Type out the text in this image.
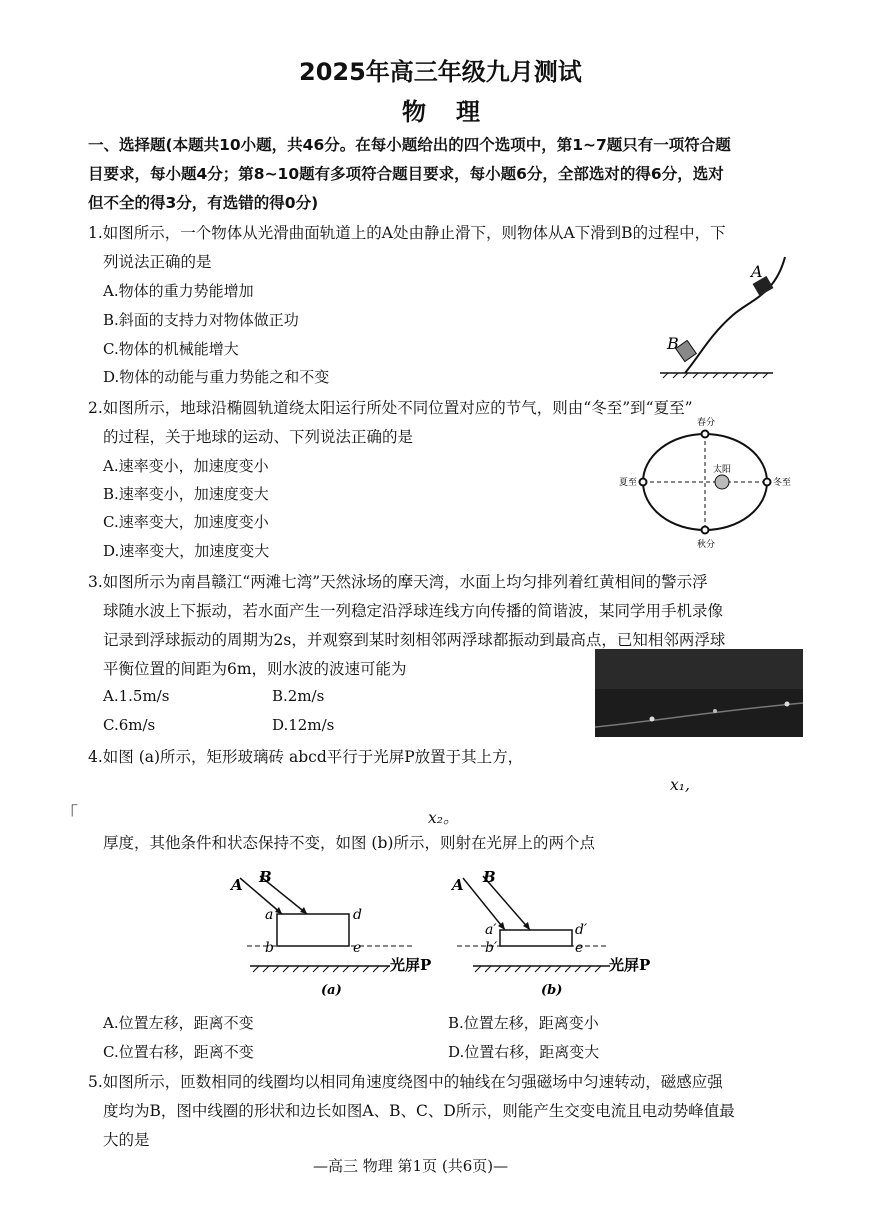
2025年高三年级九月测试
物理
一、选择题(本题共10小题，共46分。在每小题给出的四个选项中，第1~7题只有一项符合题
目要求，每小题4分；第8~10题有多项符合题目要求，每小题6分，全部选对的得6分，选对
但不全的得3分，有选错的得0分)
1.如图所示，一个物体从光滑曲面轨道上的A处由静止滑下，则物体从A下滑到B的过程中，下
列说法正确的是
A.物体的重力势能增加
B.斜面的支持力对物体做正功
C.物体的机械能增大
D.物体的动能与重力势能之和不变
A
B
2.如图所示，地球沿椭圆轨道绕太阳运行所处不同位置对应的节气，则由“冬至”到“夏至”
的过程，关于地球的运动、下列说法正确的是
A.速率变小，加速度变小
B.速率变小，加速度变大
C.速率变大，加速度变小
D.速率变大，加速度变大
春分
秋分
夏至	冬至
太阳
3.如图所示为南昌赣江“两滩七湾”天然泳场的摩天湾，水面上均匀排列着红黄相间的警示浮
球随水波上下振动，若水面产生一列稳定沿浮球连线方向传播的简谐波，某同学用手机录像
记录到浮球振动的周期为2s，并观察到某时刻相邻两浮球都振动到最高点，已知相邻两浮球
平衡位置的间距为6m，则水波的波速可能为
A.1.5m/s	B.2m/s
C.6m/s	D.12m/s
4.如图 (a)所示，矩形玻璃砖 abcd平行于光屏P放置于其上方，
x₁,
「	x₂。
厚度，其他条件和状态保持不变，如图 (b)所示，则射在光屏上的两个点
A B
a
b
d
e
光屏P
(a)
A B
a′
b′
d′
e
光屏P
(b)
A.位置左移，距离不变	B.位置左移，距离变小
C.位置右移，距离不变	D.位置右移，距离变大
5.如图所示，匝数相同的线圈均以相同角速度绕图中的轴线在匀强磁场中匀速转动，磁感应强
度均为B，图中线圈的形状和边长如图A、B、C、D所示，则能产生交变电流且电动势峰值最
大的是
—高三 物理 第1页 (共6页)—
